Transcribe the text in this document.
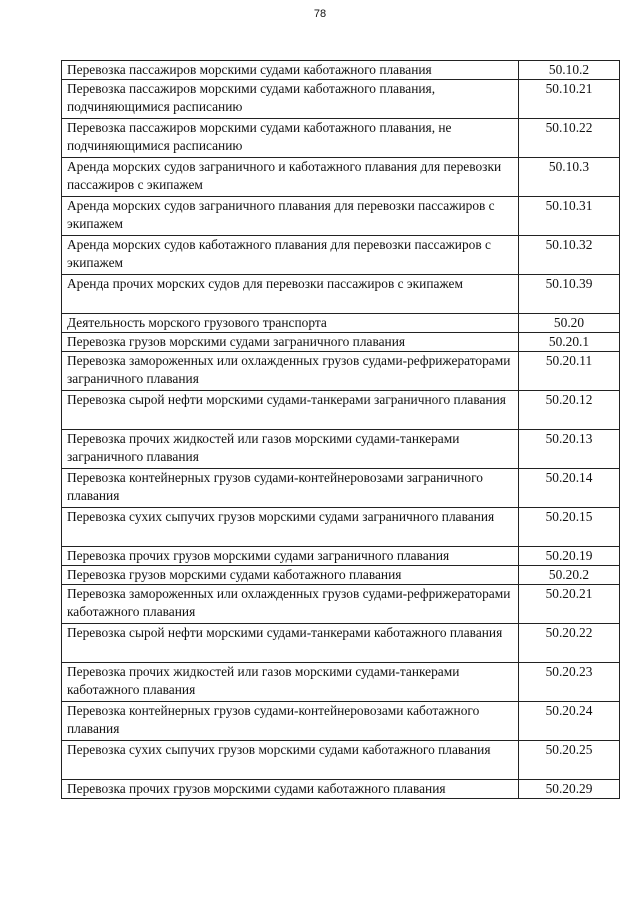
78
Перевозка пассажиров морскими судами каботажного плавания	50.10.2
Перевозка пассажиров морскими судами каботажного плавания, подчиняющимися расписанию	50.10.21
Перевозка пассажиров морскими судами каботажного плавания, не подчиняющимися расписанию	50.10.22
Аренда морских судов заграничного и каботажного плавания для перевозки пассажиров с экипажем	50.10.3
Аренда морских судов заграничного плавания для перевозки пассажиров с экипажем	50.10.31
Аренда морских судов каботажного плавания для перевозки пассажиров с экипажем	50.10.32
Аренда прочих морских судов для перевозки пассажиров с экипажем	50.10.39
Деятельность морского грузового транспорта	50.20
Перевозка грузов морскими судами заграничного плавания	50.20.1
Перевозка замороженных или охлажденных грузов судами-рефрижераторами заграничного плавания	50.20.11
Перевозка сырой нефти морскими судами-танкерами заграничного плавания	50.20.12
Перевозка прочих жидкостей или газов морскими судами-танкерами заграничного плавания	50.20.13
Перевозка контейнерных грузов судами-контейнеровозами заграничного плавания	50.20.14
Перевозка сухих сыпучих грузов морскими судами заграничного плавания	50.20.15
Перевозка прочих грузов морскими судами заграничного плавания	50.20.19
Перевозка грузов морскими судами каботажного плавания	50.20.2
Перевозка замороженных или охлажденных грузов судами-рефрижераторами каботажного плавания	50.20.21
Перевозка сырой нефти морскими судами-танкерами каботажного плавания	50.20.22
Перевозка прочих жидкостей или газов морскими судами-танкерами каботажного плавания	50.20.23
Перевозка контейнерных грузов судами-контейнеровозами каботажного плавания	50.20.24
Перевозка сухих сыпучих грузов морскими судами каботажного плавания	50.20.25
Перевозка прочих грузов морскими судами каботажного плавания	50.20.29
